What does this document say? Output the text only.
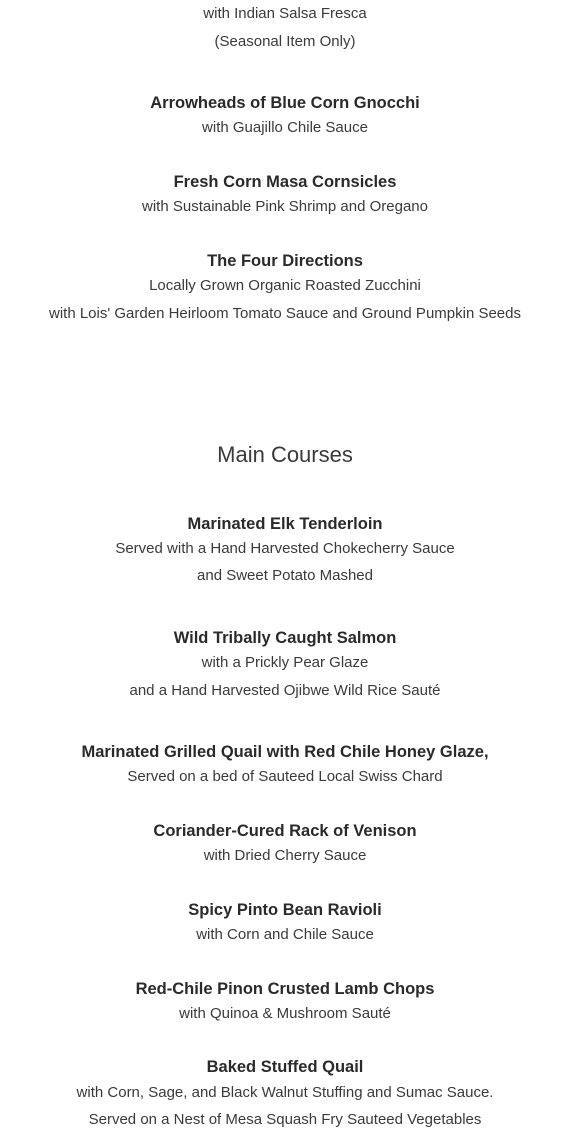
with Indian Salsa Fresca
(Seasonal Item Only)
Arrowheads of Blue Corn Gnocchi
with Guajillo Chile Sauce
Fresh Corn Masa Cornsicles
with Sustainable Pink Shrimp and Oregano
The Four Directions
Locally Grown Organic Roasted Zucchini
with Lois' Garden Heirloom Tomato Sauce and Ground Pumpkin Seeds
Main Courses
Marinated Elk Tenderloin
Served with a Hand Harvested Chokecherry Sauce
and Sweet Potato Mashed
Wild Tribally Caught Salmon
with a Prickly Pear Glaze
and a Hand Harvested Ojibwe Wild Rice Sauté
Marinated Grilled Quail with Red Chile Honey Glaze,
Served on a bed of Sauteed Local Swiss Chard
Coriander-Cured Rack of Venison
with Dried Cherry Sauce
Spicy Pinto Bean Ravioli
with Corn and Chile Sauce
Red-Chile Pinon Crusted Lamb Chops
with Quinoa & Mushroom Sauté
Baked Stuffed Quail
with Corn, Sage, and Black Walnut Stuffing and Sumac Sauce.
Served on a Nest of Mesa Squash Fry Sauteed Vegetables
